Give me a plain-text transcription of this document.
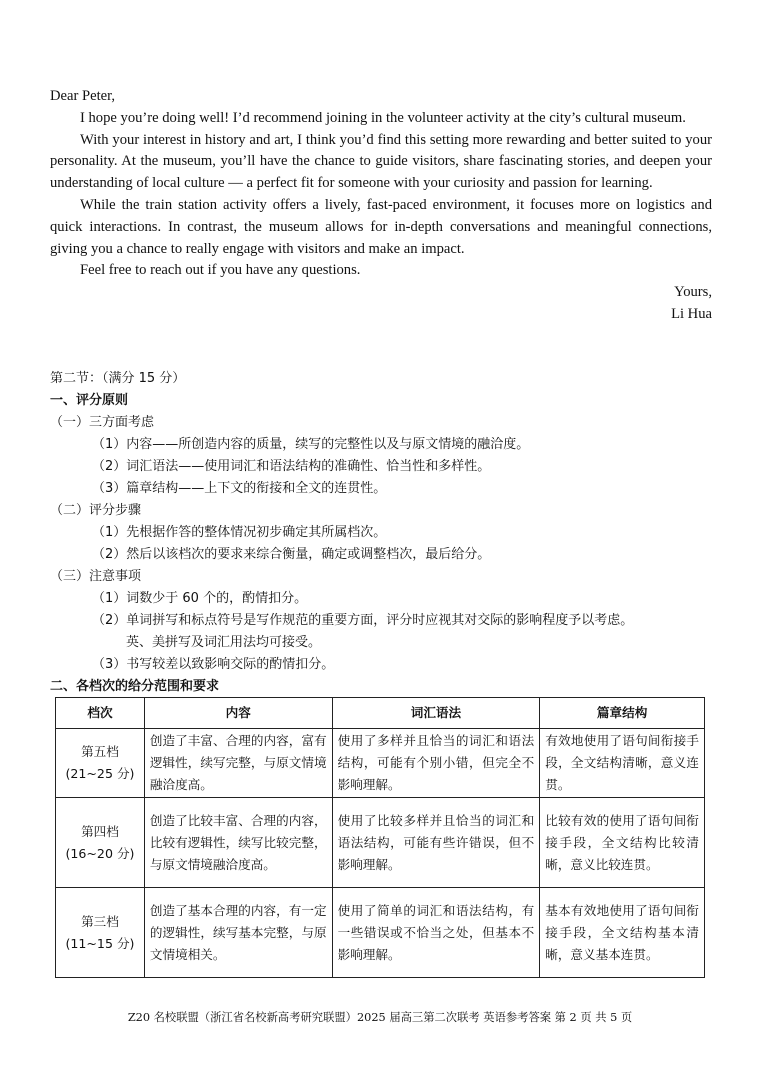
Dear Peter,

I hope you’re doing well! I’d recommend joining in the volunteer activity at the city’s cultural museum.

With your interest in history and art, I think you’d find this setting more rewarding and better suited to your personality. At the museum, you’ll have the chance to guide visitors, share fascinating stories, and deepen your understanding of local culture — a perfect fit for someone with your curiosity and passion for learning.

While the train station activity offers a lively, fast-paced environment, it focuses more on logistics and quick interactions. In contrast, the museum allows for in-depth conversations and meaningful connections, giving you a chance to really engage with visitors and make an impact.

Feel free to reach out if you have any questions.

Yours,

Li Hua

第二节：（满分 15 分）
一、评分原则
（一）三方面考虑
（1）内容——所创造内容的质量，续写的完整性以及与原文情境的融洽度。
（2）词汇语法——使用词汇和语法结构的准确性、恰当性和多样性。
（3）篇章结构——上下文的衔接和全文的连贯性。
（二）评分步骤
（1）先根据作答的整体情况初步确定其所属档次。
（2）然后以该档次的要求来综合衡量，确定或调整档次，最后给分。
（三）注意事项
（1）词数少于 60 个的，酌情扣分。
（2）单词拼写和标点符号是写作规范的重要方面，评分时应视其对交际的影响程度予以考虑。
英、美拼写及词汇用法均可接受。
（3）书写较差以致影响交际的酌情扣分。
二、各档次的给分范围和要求
档次	内容	词汇语法	篇章结构

第五档
(21~25 分)	创造了丰富、合理的内容，富有逻辑性，续写完整，与原文情境融洽度高。	使用了多样并且恰当的词汇和语法结构，可能有个别小错，但完全不影响理解。	有效地使用了语句间衔接手段，全文结构清晰，意义连贯。

第四档
(16~20 分)	创造了比较丰富、合理的内容，比较有逻辑性，续写比较完整，与原文情境融洽度高。	使用了比较多样并且恰当的词汇和语法结构，可能有些许错误，但不影响理解。	比较有效的使用了语句间衔接手段，全文结构比较清晰，意义比较连贯。

第三档
(11~15 分)	创造了基本合理的内容，有一定的逻辑性，续写基本完整，与原文情境相关。	使用了简单的词汇和语法结构，有一些错误或不恰当之处，但基本不影响理解。	基本有效地使用了语句间衔接手段，全文结构基本清晰，意义基本连贯。
Z20 名校联盟（浙江省名校新高考研究联盟）2025 届高三第二次联考 英语参考答案 第 2 页 共 5 页
